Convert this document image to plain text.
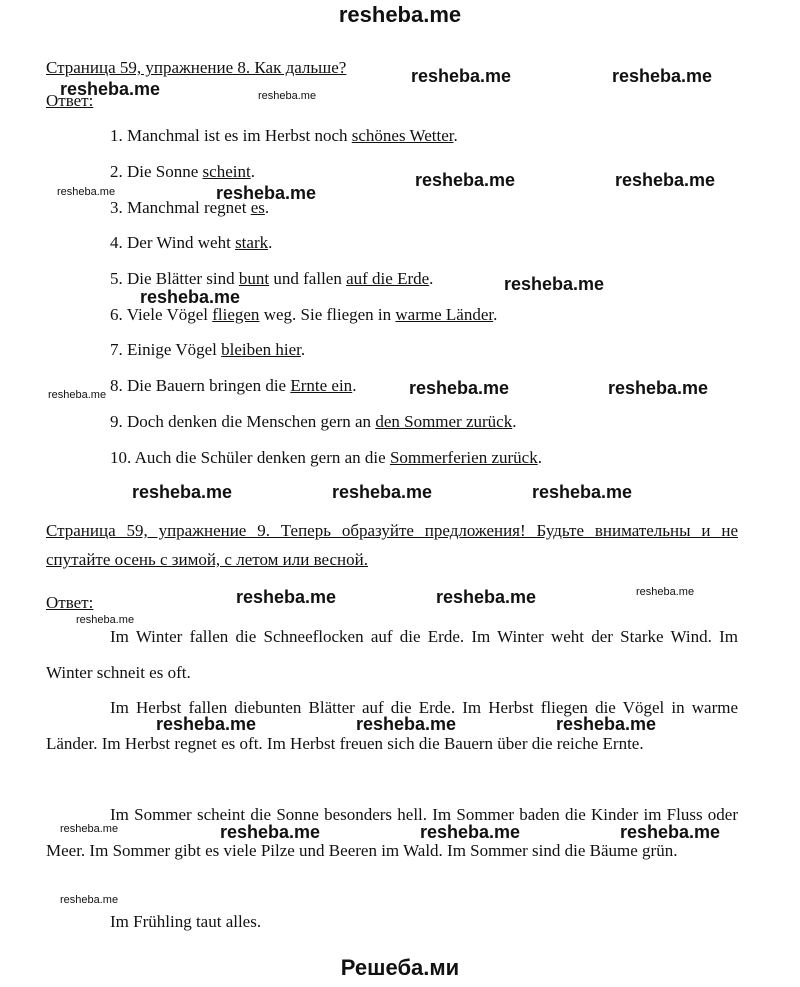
resheba.me
Страница 59, упражнение 8. Как дальше?
Ответ:
1. Manchmal ist es im Herbst noch schönes Wetter.
2. Die Sonne scheint.
3. Manchmal regnet es.
4. Der Wind weht stark.
5. Die Blätter sind bunt und fallen auf die Erde.
6. Viele Vögel fliegen weg. Sie fliegen in warme Länder.
7. Einige Vögel bleiben hier.
8. Die Bauern bringen die Ernte ein.
9. Doch denken die Menschen gern an den Sommer zurück.
10. Auch die Schüler denken gern an die Sommerferien zurück.
Страница 59, упражнение 9. Теперь образуйте предложения! Будьте внимательны и не спутайте осень с зимой, с летом или весной.
Ответ:
Im Winter fallen die Schneeflocken auf die Erde. Im Winter weht der Starke Wind. Im Winter schneit es oft.
Im Herbst fallen diebunten Blätter auf die Erde. Im Herbst fliegen die Vögel in warme Länder. Im Herbst regnet es oft. Im Herbst freuen sich die Bauern über die reiche Ernte.
Im Sommer scheint die Sonne besonders hell. Im Sommer baden die Kinder im Fluss oder Meer. Im Sommer gibt es viele Pilze und Beeren im Wald. Im Sommer sind die Bäume grün.
Im Frühling taut alles.
resheba.me	resheba.me
resheba.me	resheba.me
resheba.me	resheba.me
resheba.me	resheba.me
resheba.me
resheba.me
resheba.me	resheba.me	resheba.me
resheba.me	resheba.me	resheba.me
resheba.me	resheba.me	resheba.me
resheba.me
resheba.me	resheba.me	resheba.me
resheba.me	resheba.me	resheba.me	resheba.me
resheba.me
Решеба.ми
